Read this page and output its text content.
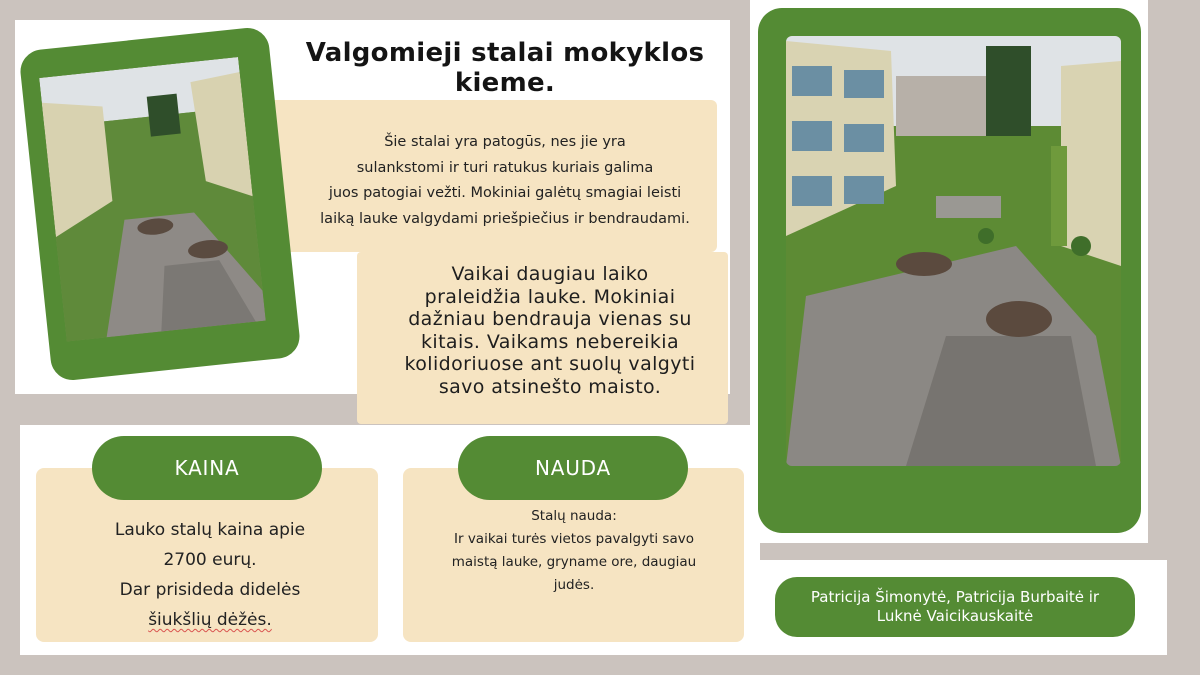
Valgomieji stalai mokyklos kieme.
Šie stalai yra patogūs, nes jie yra
sulankstomi ir turi ratukus kuriais galima
juos patogiai vežti. Mokiniai galėtų smagiai leisti
laiką lauke valgydami priešpiečius ir bendraudami.
Vaikai daugiau laiko
praleidžia lauke. Mokiniai
dažniau bendrauja vienas su
kitais. Vaikams nebereikia
kolidoriuose ant suolų valgyti
savo atsinešto maisto.
KAINA
Lauko stalų kaina apie
2700 eurų.
Dar prisideda didelės
šiukšlių dėžės.
NAUDA
Stalų nauda:
Ir vaikai turės vietos pavalgyti savo
maistą lauke, gryname ore, daugiau
judės.
Patricija Šimonytė, Patricija Burbaitė ir
Luknė Vaicikauskaitė
